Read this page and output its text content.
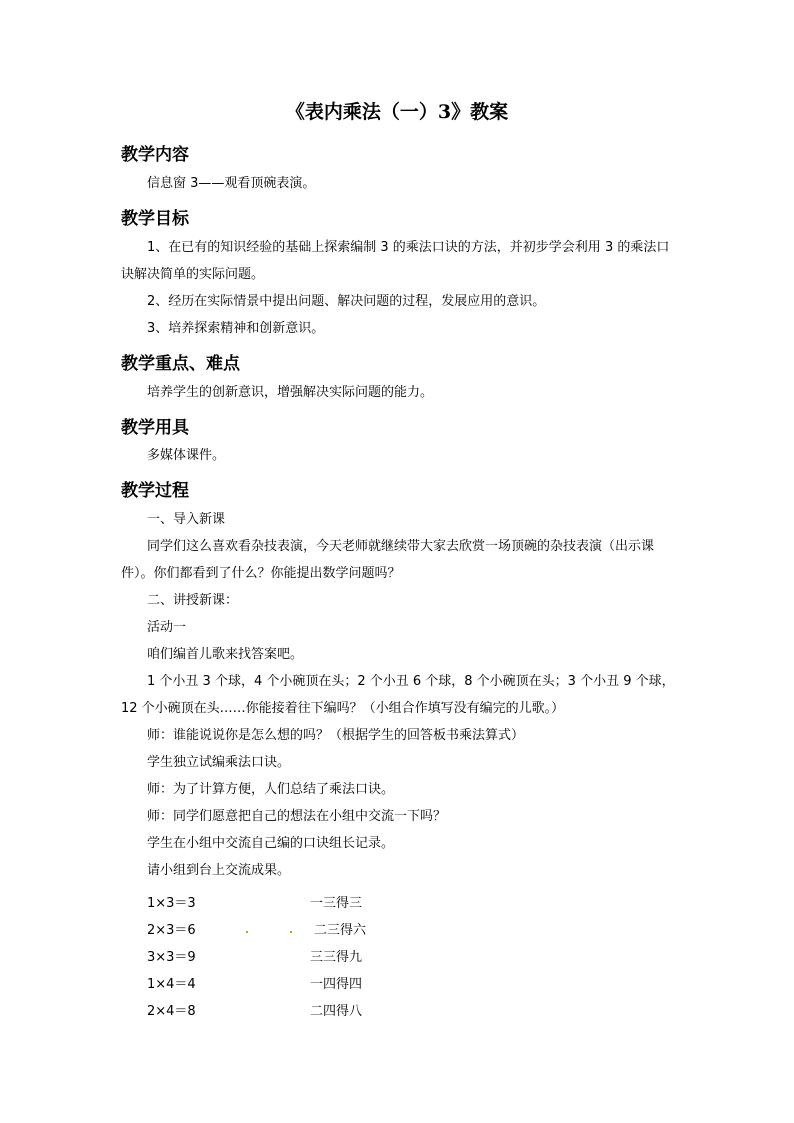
《表内乘法（一）3》教案
教学内容
信息窗 3——观看顶碗表演。
教学目标
1、在已有的知识经验的基础上探索编制 3 的乘法口诀的方法，并初步学会利用 3 的乘法口诀解决简单的实际问题。
2、经历在实际情景中提出问题、解决问题的过程，发展应用的意识。
3、培养探索精神和创新意识。
教学重点、难点
培养学生的创新意识，增强解决实际问题的能力。
教学用具
多媒体课件。
教学过程
一、导入新课
同学们这么喜欢看杂技表演，今天老师就继续带大家去欣赏一场顶碗的杂技表演（出示课件）。你们都看到了什么？你能提出数学问题吗？
二、讲授新课：
活动一
咱们编首儿歌来找答案吧。
1 个小丑 3 个球，4 个小碗顶在头；2 个小丑 6 个球，8 个小碗顶在头；3 个小丑 9 个球，12 个小碗顶在头……你能接着往下编吗？（小组合作填写没有编完的儿歌。）
师：谁能说说你是怎么想的吗？（根据学生的回答板书乘法算式）
学生独立试编乘法口诀。
师：为了计算方便，人们总结了乘法口诀。
师：同学们愿意把自己的想法在小组中交流一下吗？
学生在小组中交流自己编的口诀组长记录。
请小组到台上交流成果。
1×3＝3	一三得三
2×3＝6	二三得六
3×3＝9	三三得九
1×4＝4	一四得四
2×4＝8	二四得八
